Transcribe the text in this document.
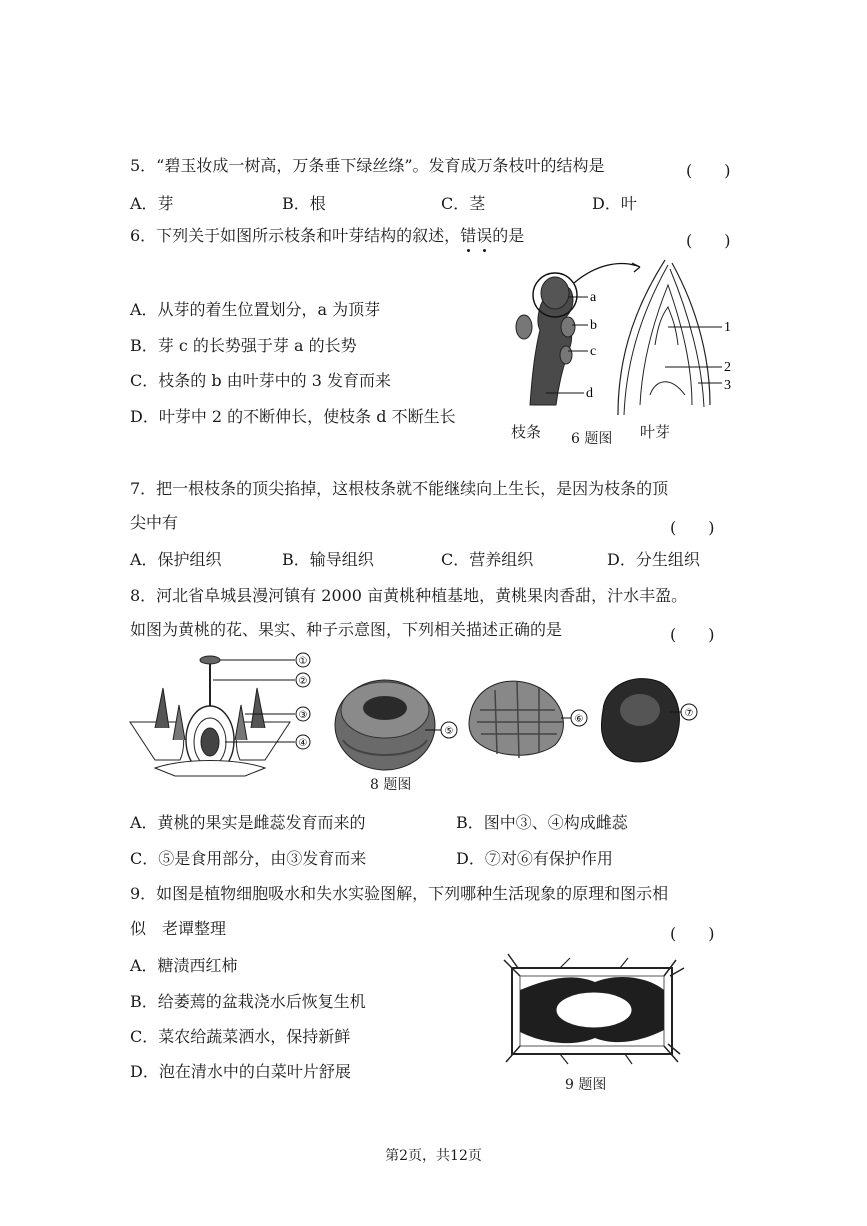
5．“碧玉妆成一树高，万条垂下绿丝绦”。发育成万条枝叶的结构是	(　　)
A．芽	B．根	C．茎	D．叶
6．下列关于如图所示枝条和叶芽结构的叙述，错误的是	(　　)
A．从芽的着生位置划分，a 为顶芽
B．芽 c 的长势强于芽 a 的长势
C．枝条的 b 由叶芽中的 3 发育而来
D．叶芽中 2 的不断伸长，使枝条 d 不断生长
a
b
c
d
1
2
3
枝条 6 题图 叶芽
7．把一根枝条的顶尖掐掉，这根枝条就不能继续向上生长，是因为枝条的顶
尖中有	(　　)
A．保护组织	B．输导组织	C．营养组织	D．分生组织
8．河北省阜城县漫河镇有 2000 亩黄桃种植基地，黄桃果肉香甜，汁水丰盈。
如图为黄桃的花、果实、种子示意图，下列相关描述正确的是	(　　)
①
②
③
④
⑤
⑥
⑦
8 题图
A．黄桃的果实是雌蕊发育而来的	B．图中③、④构成雌蕊
C．⑤是食用部分，由③发育而来	D．⑦对⑥有保护作用
9．如图是植物细胞吸水和失水实验图解，下列哪种生活现象的原理和图示相
似  老谭整理	(　　)
A．糖渍西红柿
B．给萎蔫的盆栽浇水后恢复生机
C．菜农给蔬菜洒水，保持新鲜
D．泡在清水中的白菜叶片舒展
9 题图
第2页，共12页
